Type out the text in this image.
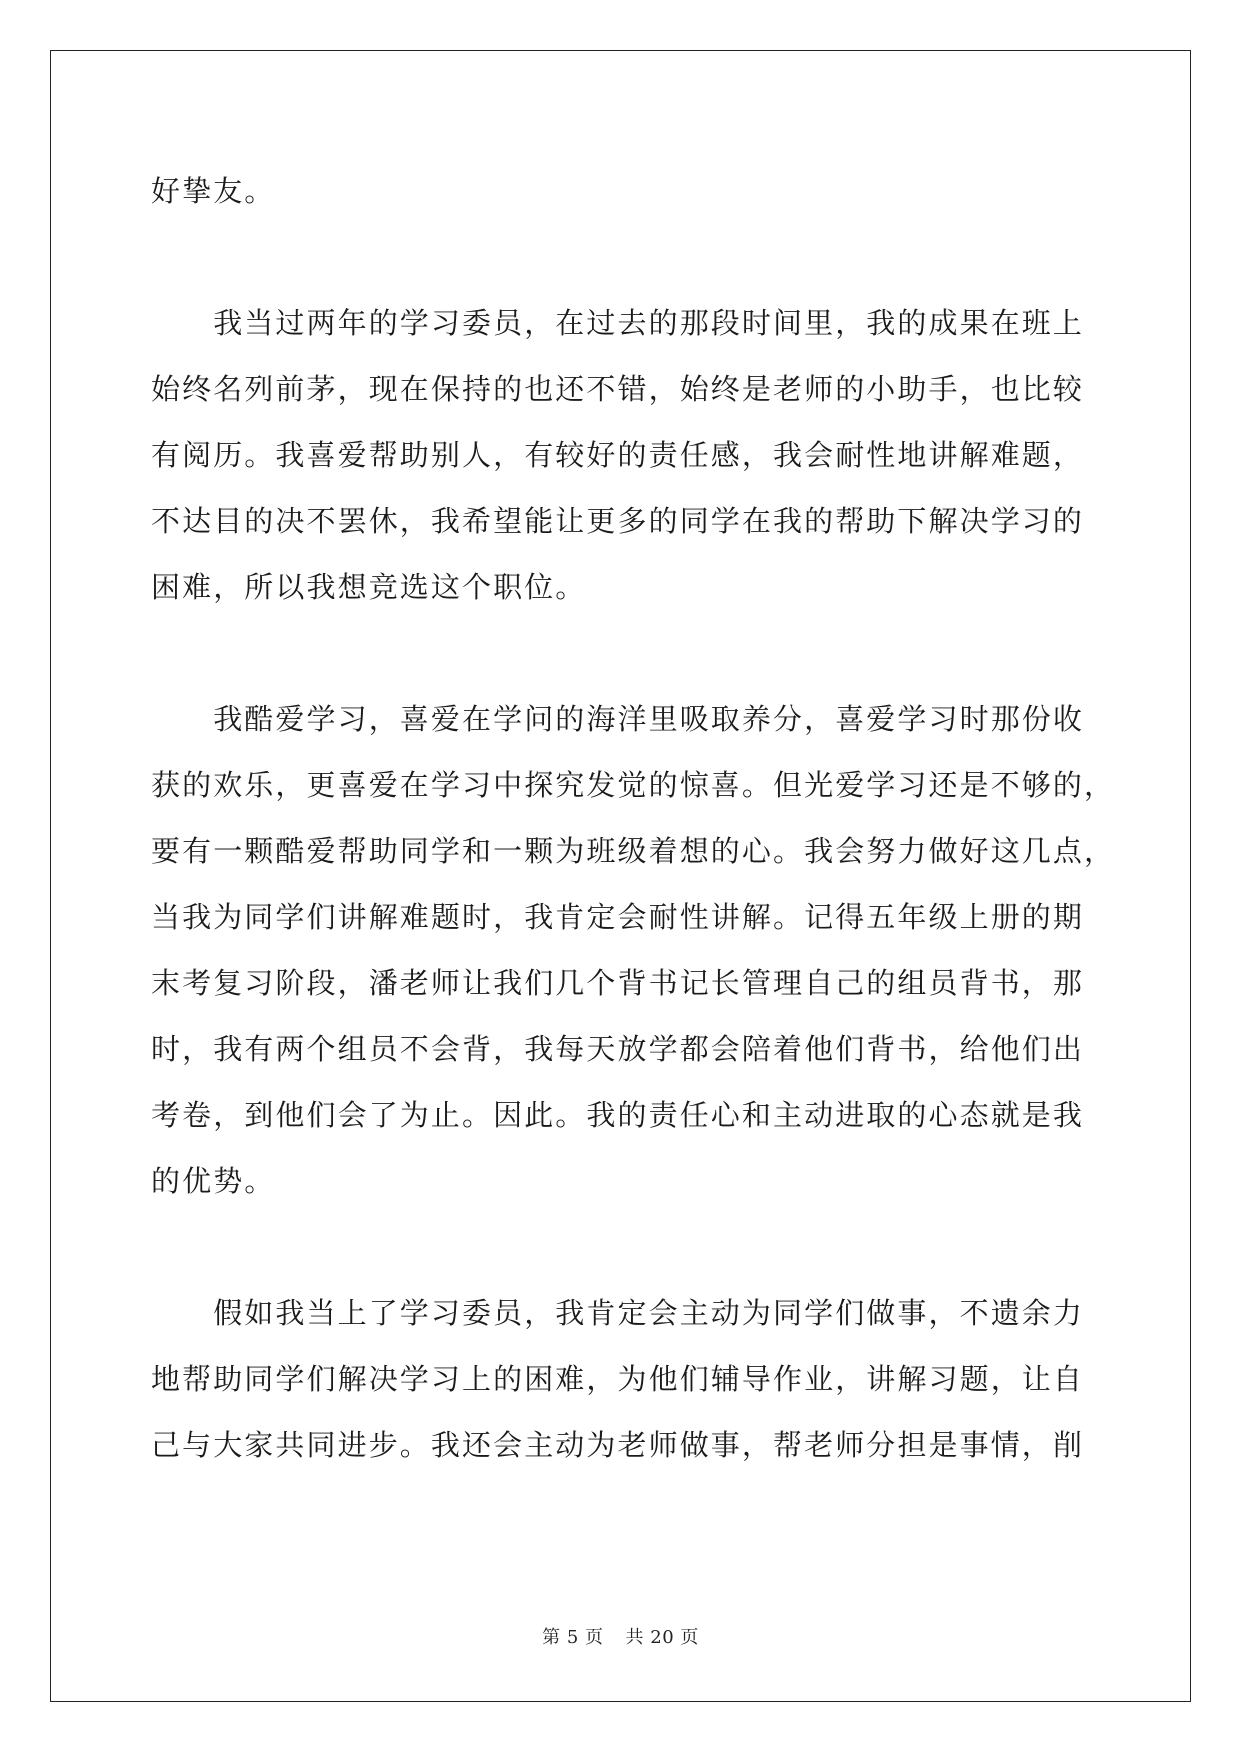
好挚友。
　　我当过两年的学习委员，在过去的那段时间里，我的成果在班上
始终名列前茅，现在保持的也还不错，始终是老师的小助手，也比较
有阅历。我喜爱帮助别人，有较好的责任感，我会耐性地讲解难题，
不达目的决不罢休，我希望能让更多的同学在我的帮助下解决学习的
困难，所以我想竞选这个职位。
　　我酷爱学习，喜爱在学问的海洋里吸取养分，喜爱学习时那份收
获的欢乐，更喜爱在学习中探究发觉的惊喜。但光爱学习还是不够的，
要有一颗酷爱帮助同学和一颗为班级着想的心。我会努力做好这几点，
当我为同学们讲解难题时，我肯定会耐性讲解。记得五年级上册的期
末考复习阶段，潘老师让我们几个背书记长管理自己的组员背书，那
时，我有两个组员不会背，我每天放学都会陪着他们背书，给他们出
考卷，到他们会了为止。因此。我的责任心和主动进取的心态就是我
的优势。
　　假如我当上了学习委员，我肯定会主动为同学们做事，不遗余力
地帮助同学们解决学习上的困难，为他们辅导作业，讲解习题，让自
己与大家共同进步。我还会主动为老师做事，帮老师分担是事情，削
第 5 页 共 20 页
